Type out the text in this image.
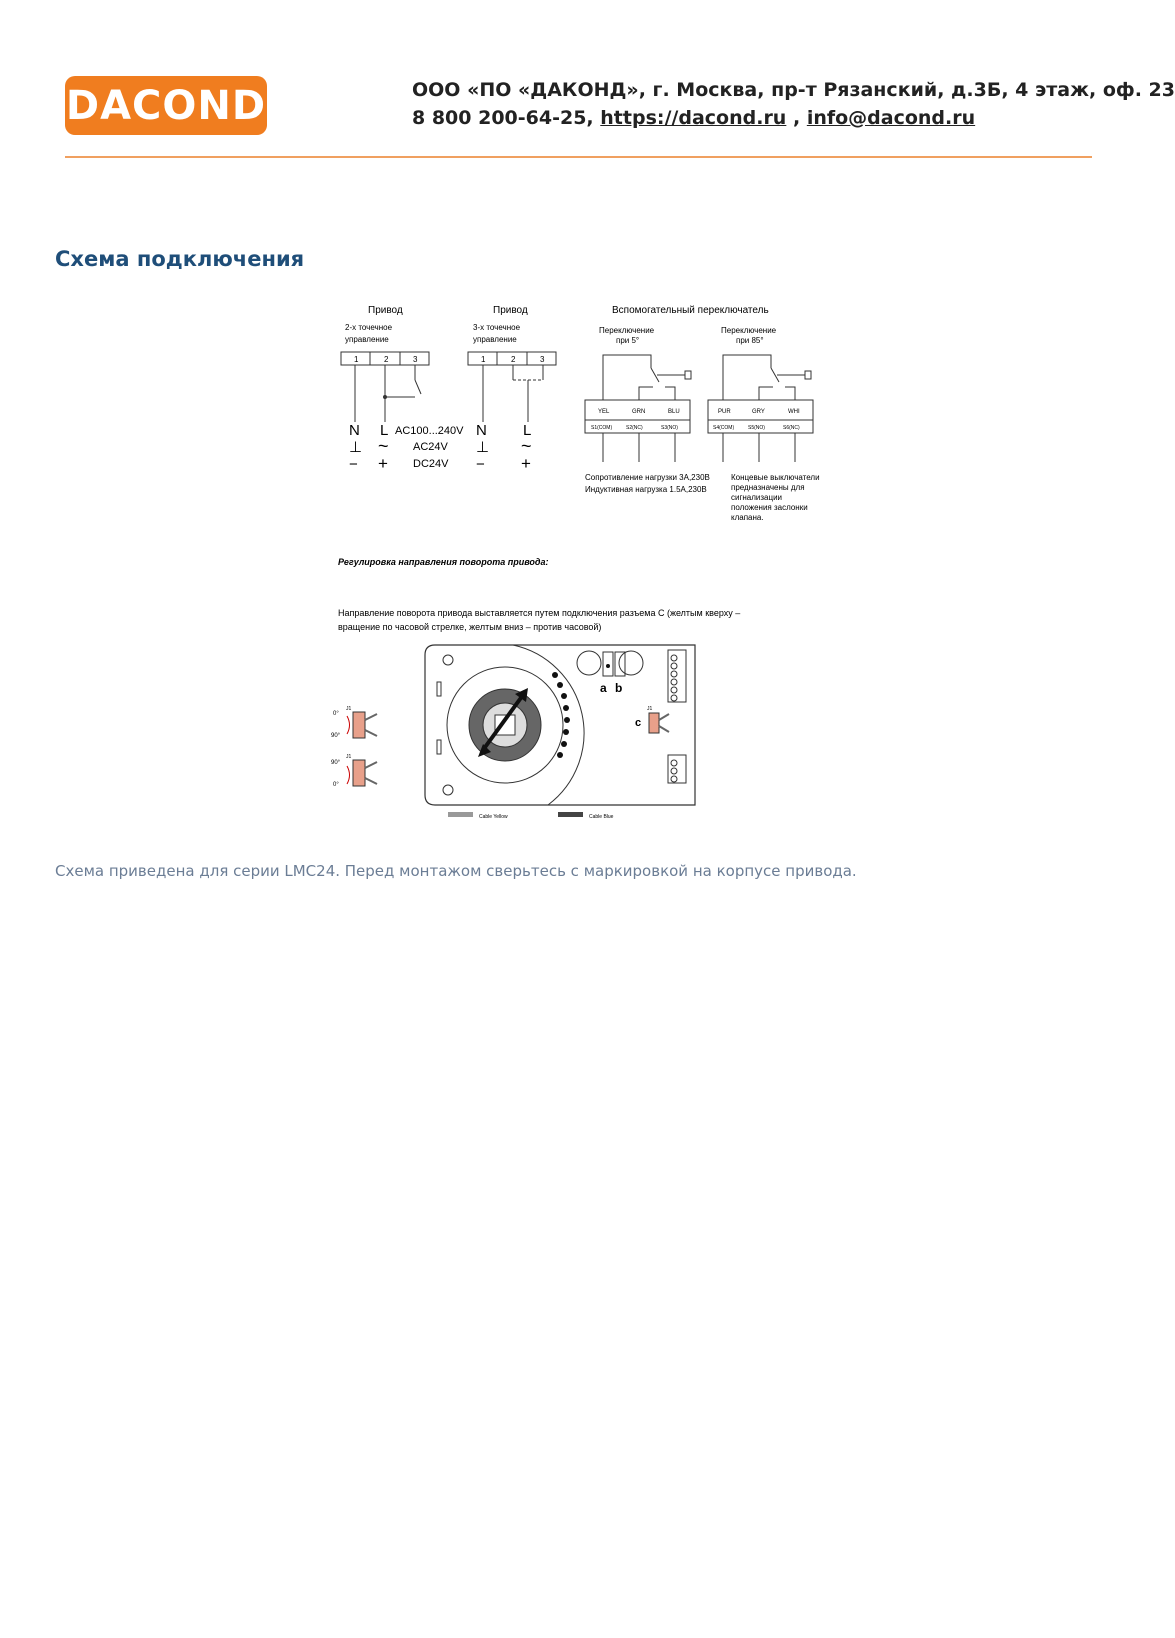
DACOND	ООО «ПО «ДАКОНД», г. Москва, пр-т Рязанский, д.3Б, 4 этаж, оф. 23
8 800 200-64-25, https://dacond.ru , info@dacond.ru
Схема подключения
Привод
2-х точечное
управление
1	2	3
Привод
3-х точечное
управление
1	2	3
N L AC100...240V N L
⊥ ~ AC24V ⊥ ~
− + DC24V − +
Вспомогательный переключатель
Переключение
при 5°
Переключение
при 85°
YEL	GRN	BLU
S1(COM)	S2(NC)	S3(NO)
PUR	GRY	WHI
S4(COM)	S5(NO)	S6(NC)
Сопротивление нагрузки 3А,230В
Индуктивная нагрузка 1.5А,230В
Концевые выключатели
предназначены для
сигнализации
положения заслонки
клапана.
Регулировка направления поворота привода:
Направление поворота привода выставляется путем подключения разъема С (желтым кверху –
вращение по часовой стрелке, желтым вниз – против часовой)
a b
c
J1
J1
0°
90°
J1
90°
0°
Cable Yellow	Cable Blue
Схема приведена для серии LMC24. Перед монтажом сверьтесь с маркировкой на корпусе привода.
